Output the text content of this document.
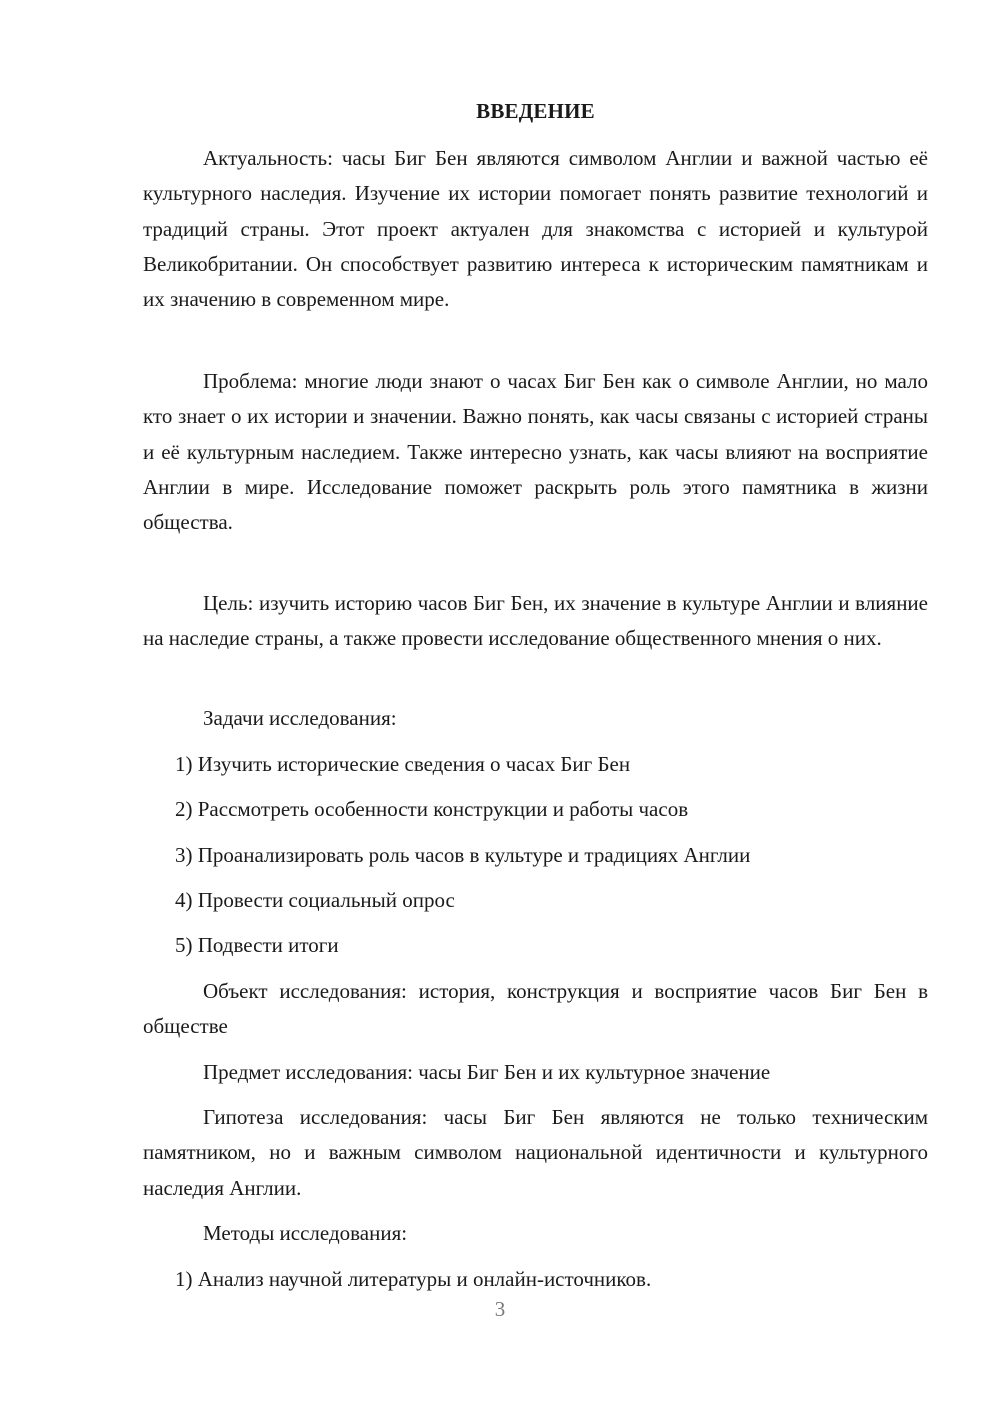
ВВЕДЕНИЕ

Актуальность: часы Биг Бен являются символом Англии и важной частью её культурного наследия. Изучение их истории помогает понять развитие технологий и традиций страны. Этот проект актуален для знакомства с историей и культурой Великобритании. Он способствует развитию интереса к историческим памятникам и их значению в современном мире.

Проблема: многие люди знают о часах Биг Бен как о символе Англии, но мало кто знает о их истории и значении. Важно понять, как часы связаны с историей страны и её культурным наследием. Также интересно узнать, как часы влияют на восприятие Англии в мире. Исследование поможет раскрыть роль этого памятника в жизни общества.

Цель: изучить историю часов Биг Бен, их значение в культуре Англии и влияние на наследие страны, а также провести исследование общественного мнения о них.

Задачи исследования:

1) Изучить исторические сведения о часах Биг Бен

2) Рассмотреть особенности конструкции и работы часов

3) Проанализировать роль часов в культуре и традициях Англии

4) Провести социальный опрос

5) Подвести итоги

Объект исследования: история, конструкция и восприятие часов Биг Бен в обществе

Предмет исследования: часы Биг Бен и их культурное значение

Гипотеза исследования: часы Биг Бен являются не только техническим памятником, но и важным символом национальной идентичности и культурного наследия Англии.

Методы исследования:

1) Анализ научной литературы и онлайн-источников.

3
